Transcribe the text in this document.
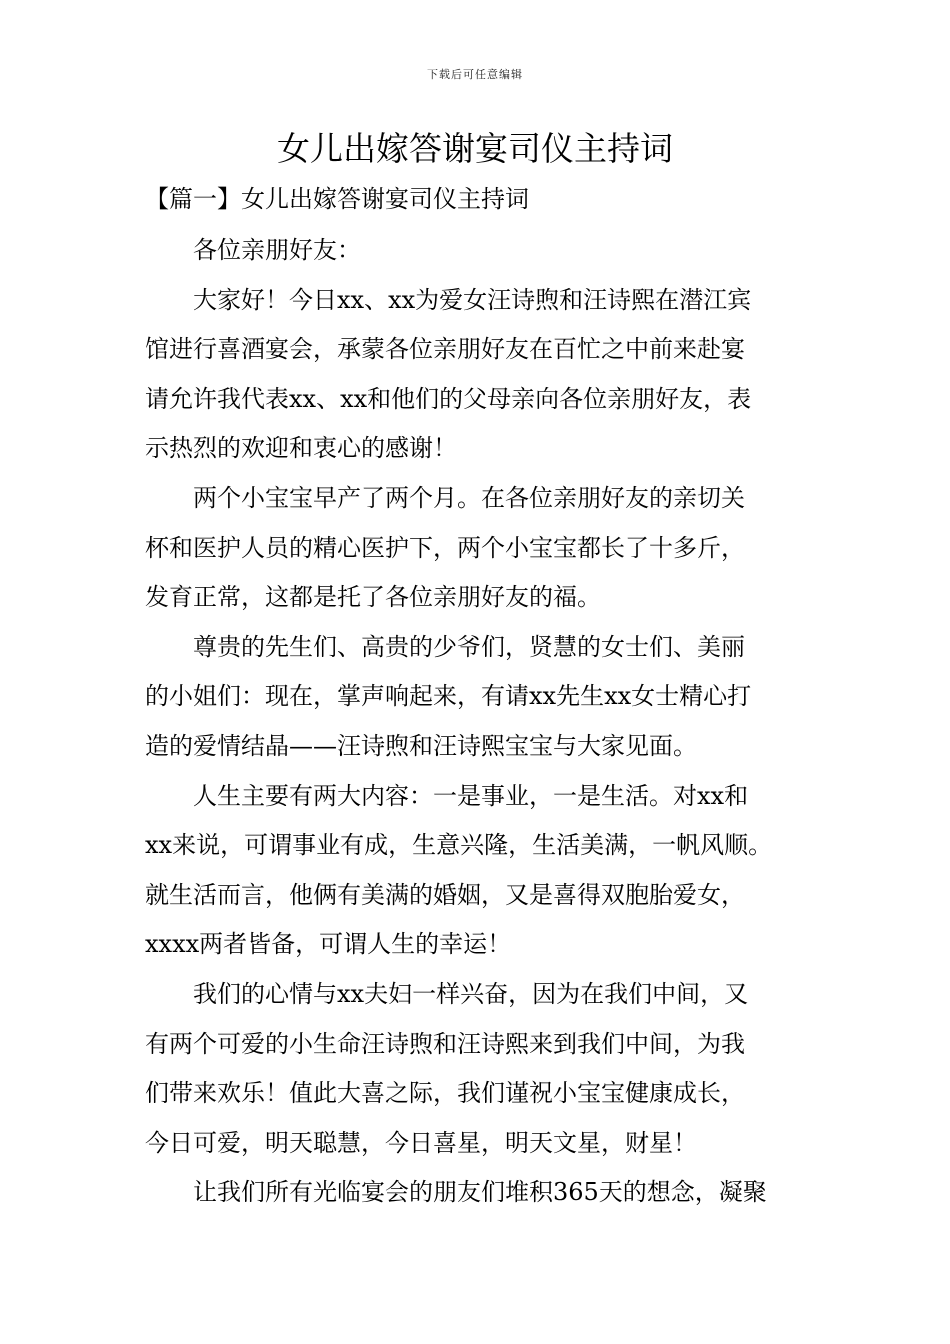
下载后可任意编辑
女儿出嫁答谢宴司仪主持词
【篇一】女儿出嫁答谢宴司仪主持词
　　各位亲朋好友：
　　大家好！今日xx、xx为爱女汪诗煦和汪诗熙在潜江宾
馆进行喜酒宴会，承蒙各位亲朋好友在百忙之中前来赴宴
请允许我代表xx、xx和他们的父母亲向各位亲朋好友，表
示热烈的欢迎和衷心的感谢！
　　两个小宝宝早产了两个月。在各位亲朋好友的亲切关
杯和医护人员的精心医护下，两个小宝宝都长了十多斤，
发育正常，这都是托了各位亲朋好友的福。
　　尊贵的先生们、高贵的少爷们，贤慧的女士们、美丽
的小姐们：现在，掌声响起来，有请xx先生xx女士精心打
造的爱情结晶——汪诗煦和汪诗熙宝宝与大家见面。
　　人生主要有两大内容：一是事业，一是生活。对xx和
xx来说，可谓事业有成，生意兴隆，生活美满，一帆风顺。
就生活而言，他俩有美满的婚姻，又是喜得双胞胎爱女，
xxxx两者皆备，可谓人生的幸运！
　　我们的心情与xx夫妇一样兴奋，因为在我们中间，又
有两个可爱的小生命汪诗煦和汪诗熙来到我们中间，为我
们带来欢乐！值此大喜之际，我们谨祝小宝宝健康成长，
今日可爱，明天聪慧，今日喜星，明天文星，财星！
　　让我们所有光临宴会的朋友们堆积365天的想念，凝聚
